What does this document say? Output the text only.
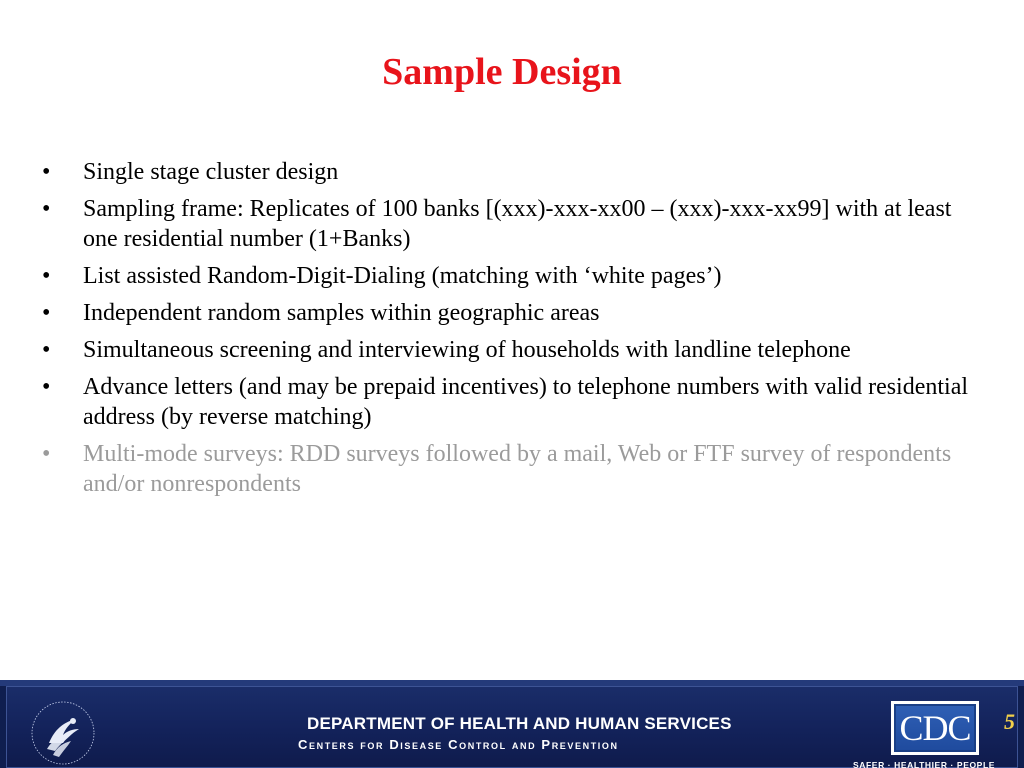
Sample Design
• Single stage cluster design
• Sampling frame: Replicates of 100 banks [(xxx)-xxx-xx00 – (xxx)-xxx-xx99] with at least one residential number (1+Banks)
• List assisted Random-Digit-Dialing (matching with ‘white pages’)
• Independent random samples within geographic areas
• Simultaneous screening and interviewing of households with landline telephone
• Advance letters (and may be prepaid incentives) to telephone numbers with valid residential address (by reverse matching)
• Multi-mode surveys: RDD surveys followed by a mail, Web or FTF survey of respondents and/or nonrespondents
DEPARTMENT OF HEALTH AND HUMAN SERVICES
Centers for Disease Control and Prevention	CDC
SAFER · HEALTHIER · PEOPLE
5
